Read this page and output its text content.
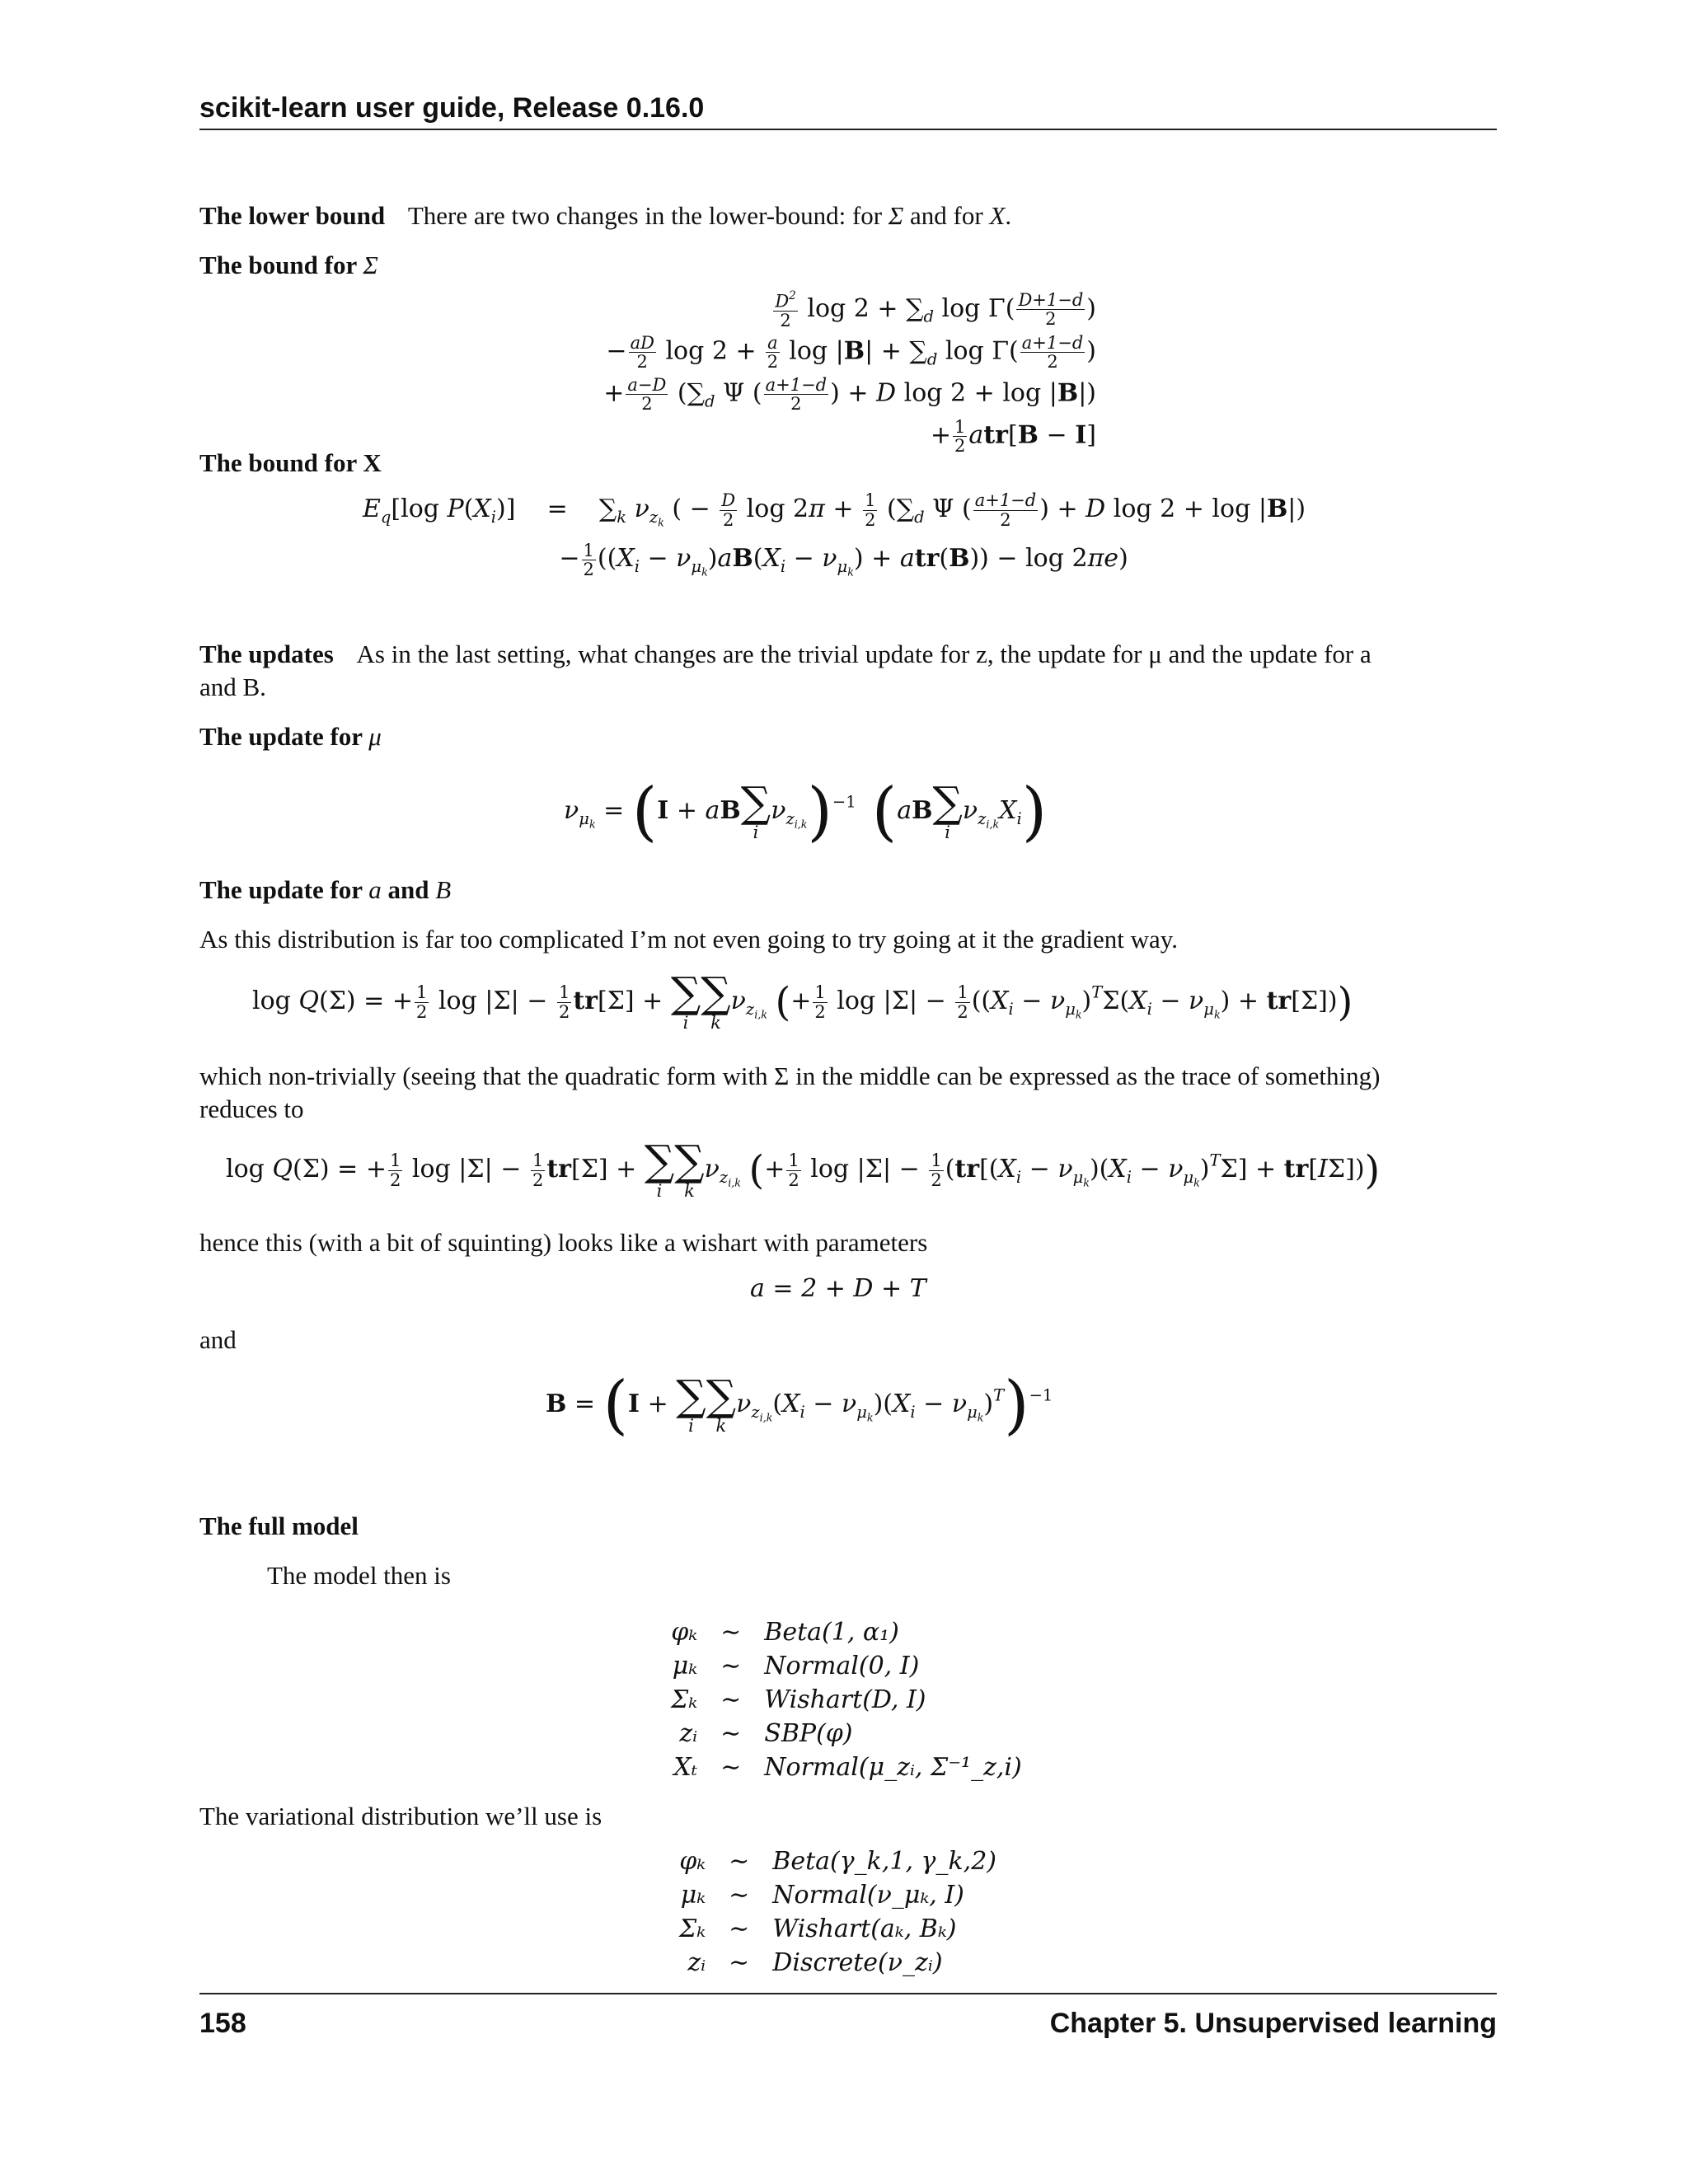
scikit-learn user guide, Release 0.16.0
The lower bound There are two changes in the lower-bound: for Σ and for X.
The bound for Σ
$\frac{D^2}{2}$ $\log 2 + \sum_d$ $\log \Gamma( \frac{D+1-d}{2}$ )
− $\frac{aD}{2}$ $\log 2 + \frac{a}{2}$ $\log |B| + \sum_d$ $\log \Gamma( \frac{a+1-d}{2}$ )
+ $\frac{a-D}{2} (\sum_d$ Ψ ( $\frac{a+1-d}{2}$ ) + D log 2 + log |B|)
+ $\frac{1}{2} atr[B - I]$
The bound for X
$E_q[\log$ $P(X_i)$]    =    $\sum_k$ $\nu_{z_k}$ ( − $\frac{D}{2}$ $\log 2\pi + \frac{1}{2} (\sum_d$ Ψ ( $\frac{a+1-d}{2}$ ) + D log 2 + log |B|)
− $\frac{1}{2} ((X_i - \nu_{\mu_k})aB(X_i - \nu_{\mu_k}) + atr(B)) - \log 2\pi e$)
The updates As in the last setting, what changes are the trivial update for z, the update for μ and the update for a
and B.
The update for μ
$\nu_{\mu_k} = (I$ + aB ∑
i
$\nu_{z_{i,k}})^{-1}$ (aB ∑
i
$\nu_{z_{i,k}}X_i$)
The update for a and B
As this distribution is far too complicated I’m not even going to try going at it the gradient way.
log Q(Σ) = + $\frac{1}{2}$ $\log |\Sigma| - \frac{1}{2} tr[\Sigma]$ + ∑
i
∑
k
$\nu_{z_{i,k}}$ (+ $\frac{1}{2}$ $\log |\Sigma| - \frac{1}{2} ((X_i - \nu_{\mu_k})^T\Sigma(X_i - \nu_{\mu_k}) + tr[\Sigma])$)
which non-trivially (seeing that the quadratic form with Σ in the middle can be expressed as the trace of something)
reduces to
log Q(Σ) = + $\frac{1}{2}$ $\log |\Sigma| - \frac{1}{2} tr[\Sigma]$ + ∑
i
∑
k
$\nu_{z_{i,k}}$ (+ $\frac{1}{2}$ $\log |\Sigma| - \frac{1}{2} (tr[(X_i - \nu_{\mu_k})(X_i - \nu_{\mu_k})^T\Sigma] + tr[I\Sigma])$)
hence this (with a bit of squinting) looks like a wishart with parameters
a = 2 + D + T
and
B = (I + ∑
i
∑
k
$\nu_{z_{i,k}}(X_i - \nu_{\mu_k})(X_i - \nu_{\mu_k})^T)^{-1}$
The full model
The model then is
φₖ	∼	Beta(1, α₁)
μₖ	∼	Normal(0, I)
Σₖ	∼	Wishart(D, I)
zᵢ	∼	SBP(φ)
Xₜ	∼	Normal(μ_zᵢ, Σ⁻¹_z,i)
The variational distribution we’ll use is
φₖ	∼	Beta(γ_k,1, γ_k,2)
μₖ	∼	Normal(ν_μₖ, I)
Σₖ	∼	Wishart(aₖ, Bₖ)
zᵢ	∼	Discrete(ν_zᵢ)
158	Chapter 5. Unsupervised learning
